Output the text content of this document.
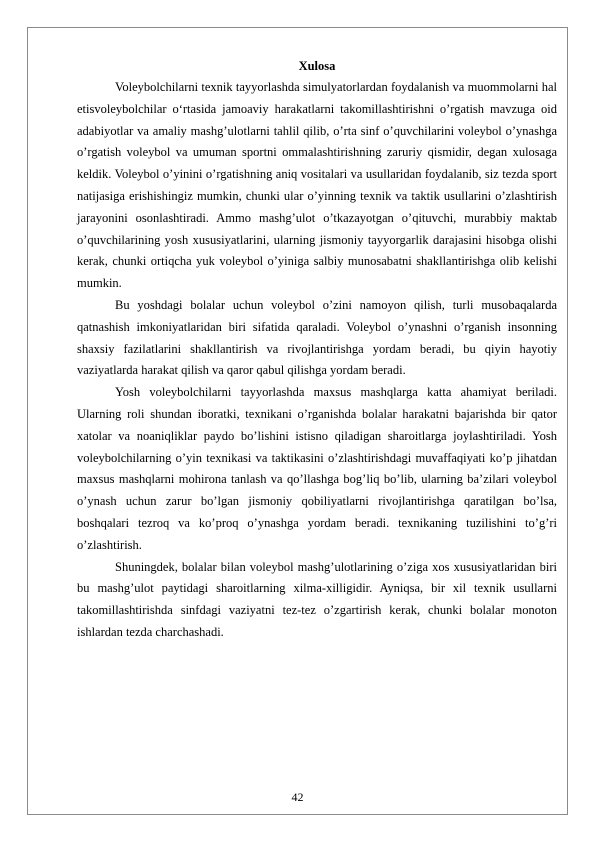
Xulosa

Voleybolchilarni texnik tayyorlashda simulyatorlardan foydalanish va muommolarni hal etisvoleybolchilar o‘rtasida jamoaviy harakatlarni takomillashtirishni o’rgatish mavzuga oid adabiyotlar va amaliy mashg’ulotlarni tahlil qilib, o’rta sinf o’quvchilarini voleybol o’ynashga o’rgatish voleybol va umuman sportni ommalashtirishning zaruriy qismidir, degan xulosaga keldik. Voleybol o’yinini o’rgatishning aniq vositalari va usullaridan foydalanib, siz tezda sport natijasiga erishishingiz mumkin, chunki ular o’yinning texnik va taktik usullarini o’zlashtirish jarayonini osonlashtiradi. Ammo mashg’ulot o’tkazayotgan o’qituvchi, murabbiy maktab o’quvchilarining yosh xususiyatlarini, ularning jismoniy tayyorgarlik darajasini hisobga olishi kerak, chunki ortiqcha yuk voleybol o’yiniga salbiy munosabatni shakllantirishga olib kelishi mumkin.

Bu yoshdagi bolalar uchun voleybol o’zini namoyon qilish, turli musobaqalarda qatnashish imkoniyatlaridan biri sifatida qaraladi. Voleybol o’ynashni o’rganish insonning shaxsiy fazilatlarini shakllantirish va rivojlantirishga yordam beradi, bu qiyin hayotiy vaziyatlarda harakat qilish va qaror qabul qilishga yordam beradi.

Yosh voleybolchilarni tayyorlashda maxsus mashqlarga katta ahamiyat beriladi. Ularning roli shundan iboratki, texnikani o’rganishda bolalar harakatni bajarishda bir qator xatolar va noaniqliklar paydo bo’lishini istisno qiladigan sharoitlarga joylashtiriladi. Yosh voleybolchilarning o’yin texnikasi va taktikasini o’zlashtirishdagi muvaffaqiyati ko’p jihatdan maxsus mashqlarni mohirona tanlash va qo’llashga bog’liq bo’lib, ularning ba’zilari voleybol o’ynash uchun zarur bo’lgan jismoniy qobiliyatlarni rivojlantirishga qaratilgan bo’lsa, boshqalari tezroq va ko’proq o’ynashga yordam beradi. texnikaning tuzilishini to’g’ri o’zlashtirish.

Shuningdek, bolalar bilan voleybol mashg’ulotlarining o’ziga xos xususiyatlaridan biri bu mashg’ulot paytidagi sharoitlarning xilma-xilligidir. Ayniqsa, bir xil texnik usullarni takomillashtirishda sinfdagi vaziyatni tez-tez o’zgartirish kerak, chunki bolalar monoton ishlardan tezda charchashadi.

42
